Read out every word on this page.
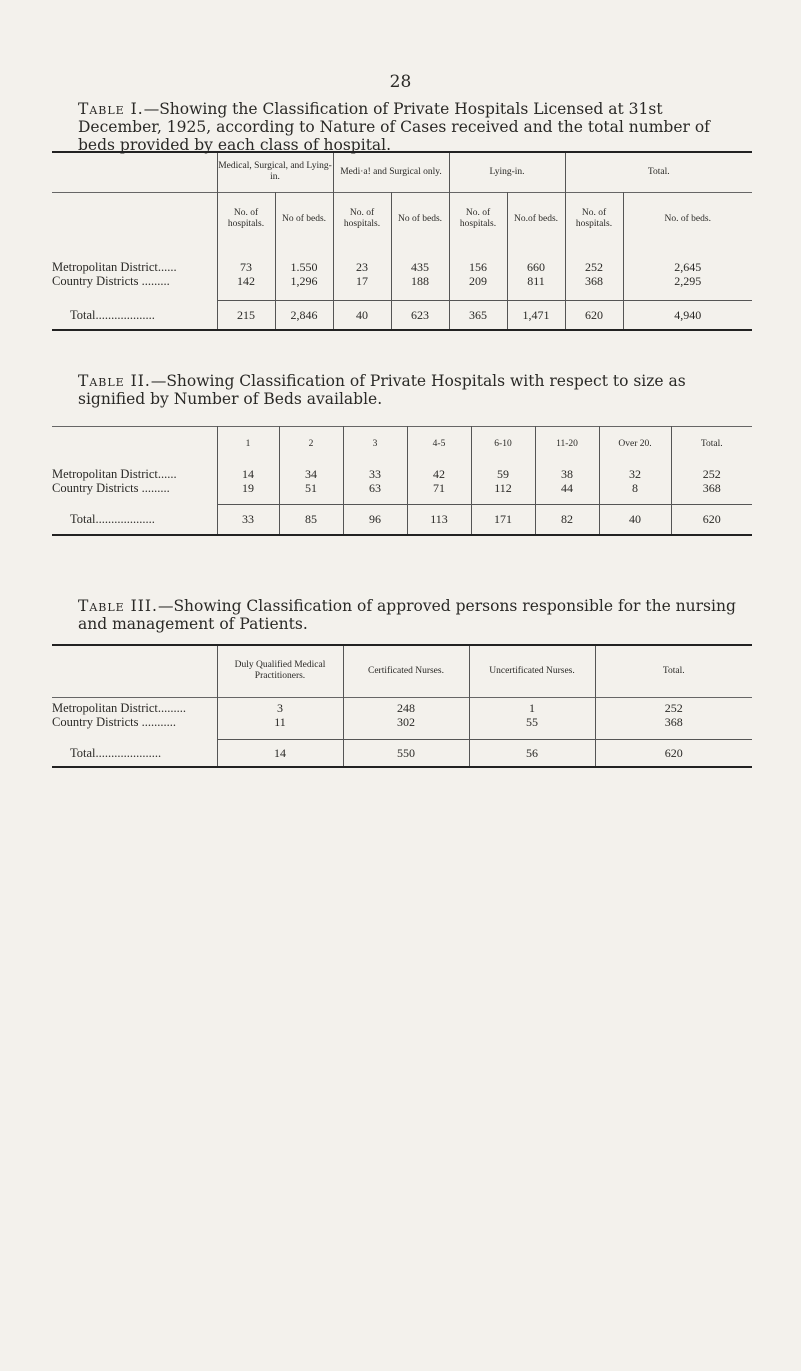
28
Table I.—Showing the Classification of Private Hospitals Licensed at 31st December, 1925, according to Nature of Cases received and the total number of beds provided by each class of hospital.
	Medical, Surgical, and Lying-in.		Medi·a! and Surgical only.		Lying-in.		Total.	
	No. of hospitals.	No of beds.	No. of hospitals.	No of beds.	No. of hospitals.	No.of beds.	No. of hospitals.	No. of beds.
Metropolitan District......	73	1.550	23	435	156	660	252	2,645
Country Districts .........	142	1,296	17	188	209	811	368	2,295

Total...................	215	2,846	40	623	365	1,471	620	4,940
Table II.—Showing Classification of Private Hospitals with respect to size as signified by Number of Beds available.
	1	2	3	4-5	6-10	11-20	Over 20.	Total.
Metropolitan District......	14	34	33	42	59	38	32	252
Country Districts .........	19	51	63	71	112	44	8	368

Total...................	33	85	96	113	171	82	40	620
Table III.—Showing Classification of approved persons responsible for the nursing and management of Patients.
	Duly Qualified Medical Practitioners.	Certificated Nurses.	Uncertificated Nurses.	Total.
Metropolitan District.........	3	248	1	252
Country Districts ...........	11	302	55	368

Total.....................	14	550	56	620
